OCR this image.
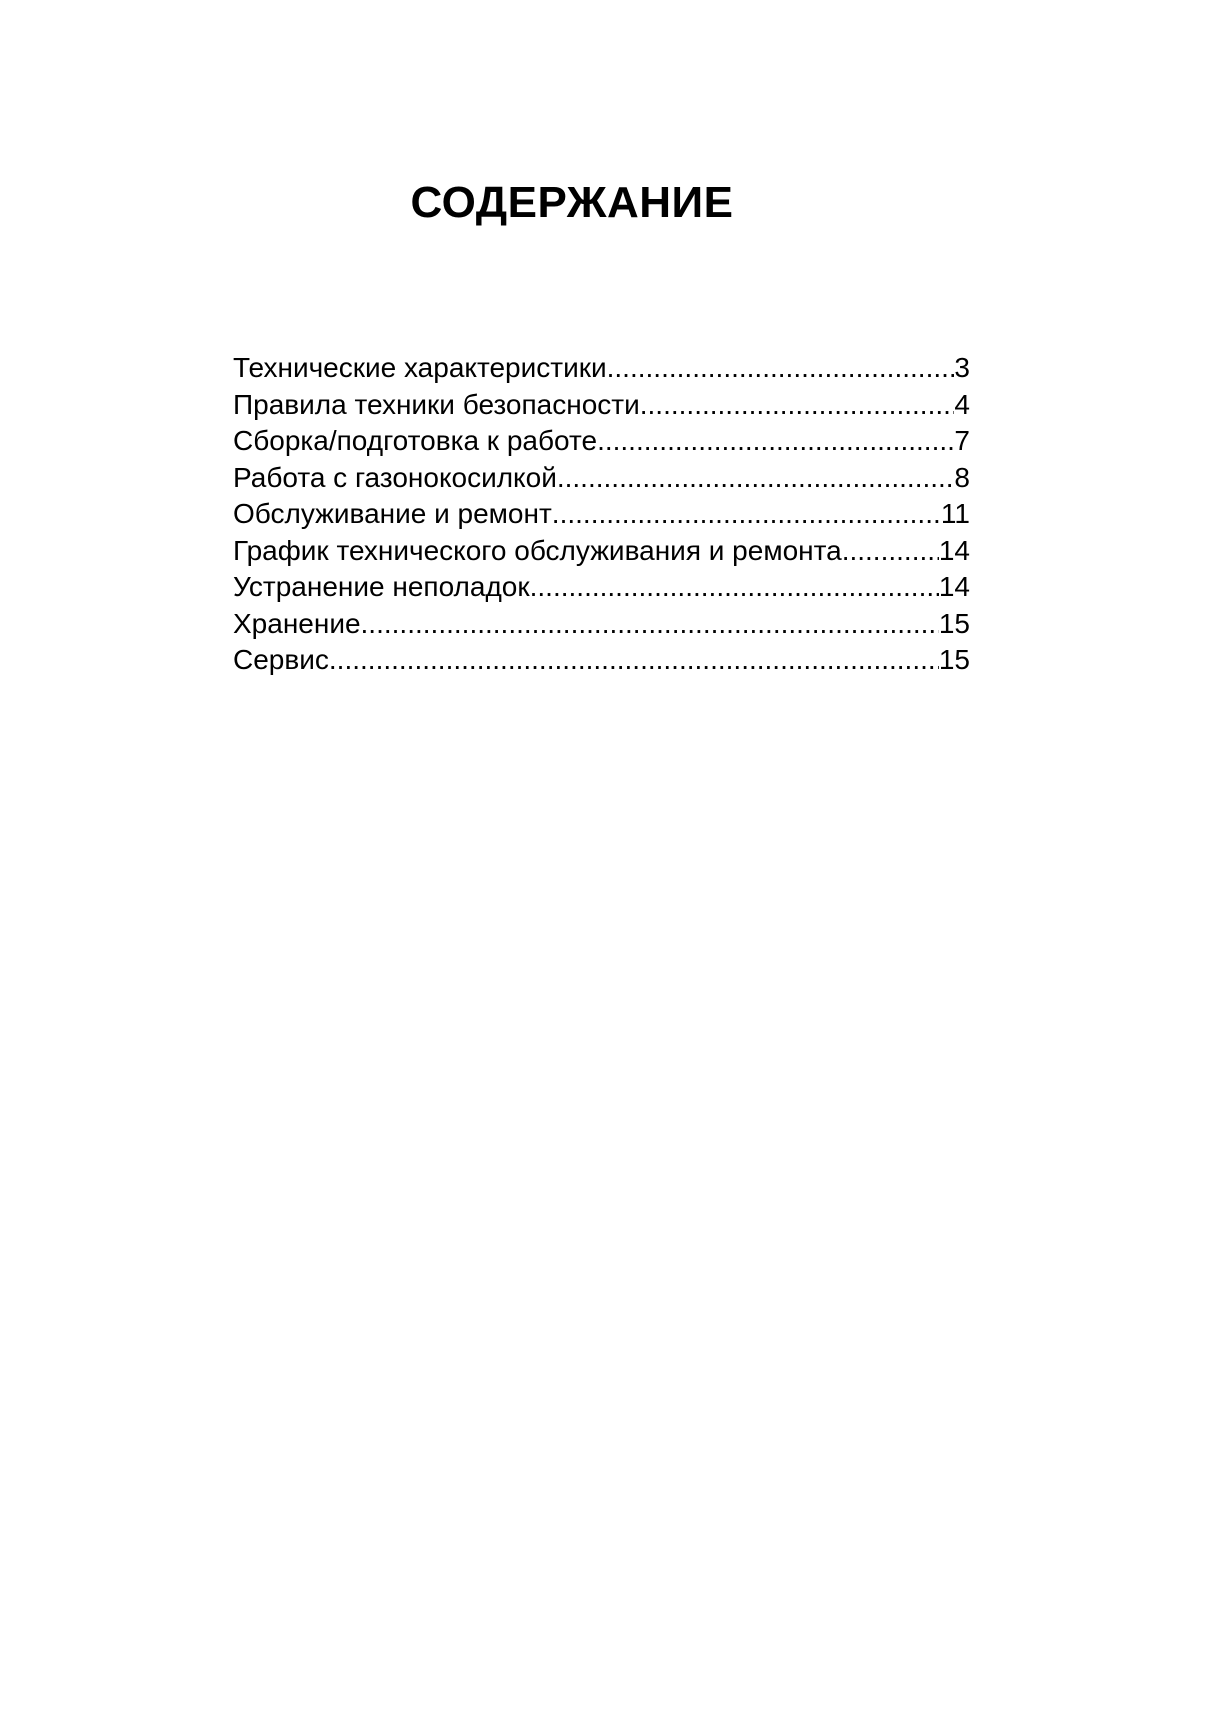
СОДЕРЖАНИЕ
Технические характеристики .....	3
Правила техники безопасности .....	4
Сборка/подготовка к работе .....	7
Работа с газонокосилкой .....	8
Обслуживание и ремонт .....	11
График технического обслуживания и ремонта .....	14
Устранение неполадок .....	14
Хранение .....	15
Сервис .....	15
